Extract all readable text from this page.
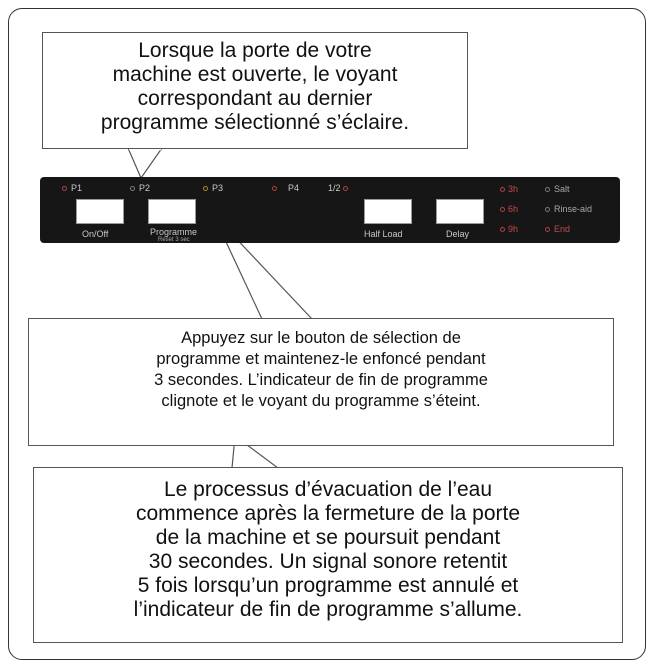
Lorsque la porte de votre
machine est ouverte, le voyant
correspondant au dernier
programme sélectionné s’éclaire.
P1	P2	P3	P4	1/2
On/Off	Programme
Reset 3 sec
Half Load	Delay
3h
6h
9h
Salt
Rinse-aid
End
Appuyez sur le bouton de sélection de
programme et maintenez-le enfoncé pendant
3 secondes. L’indicateur de fin de programme
clignote et le voyant du programme s’éteint.
Le processus d’évacuation de l’eau
commence après la fermeture de la porte
de la machine et se poursuit pendant
30 secondes. Un signal sonore retentit
5 fois lorsqu’un programme est annulé et
l’indicateur de fin de programme s’allume.
